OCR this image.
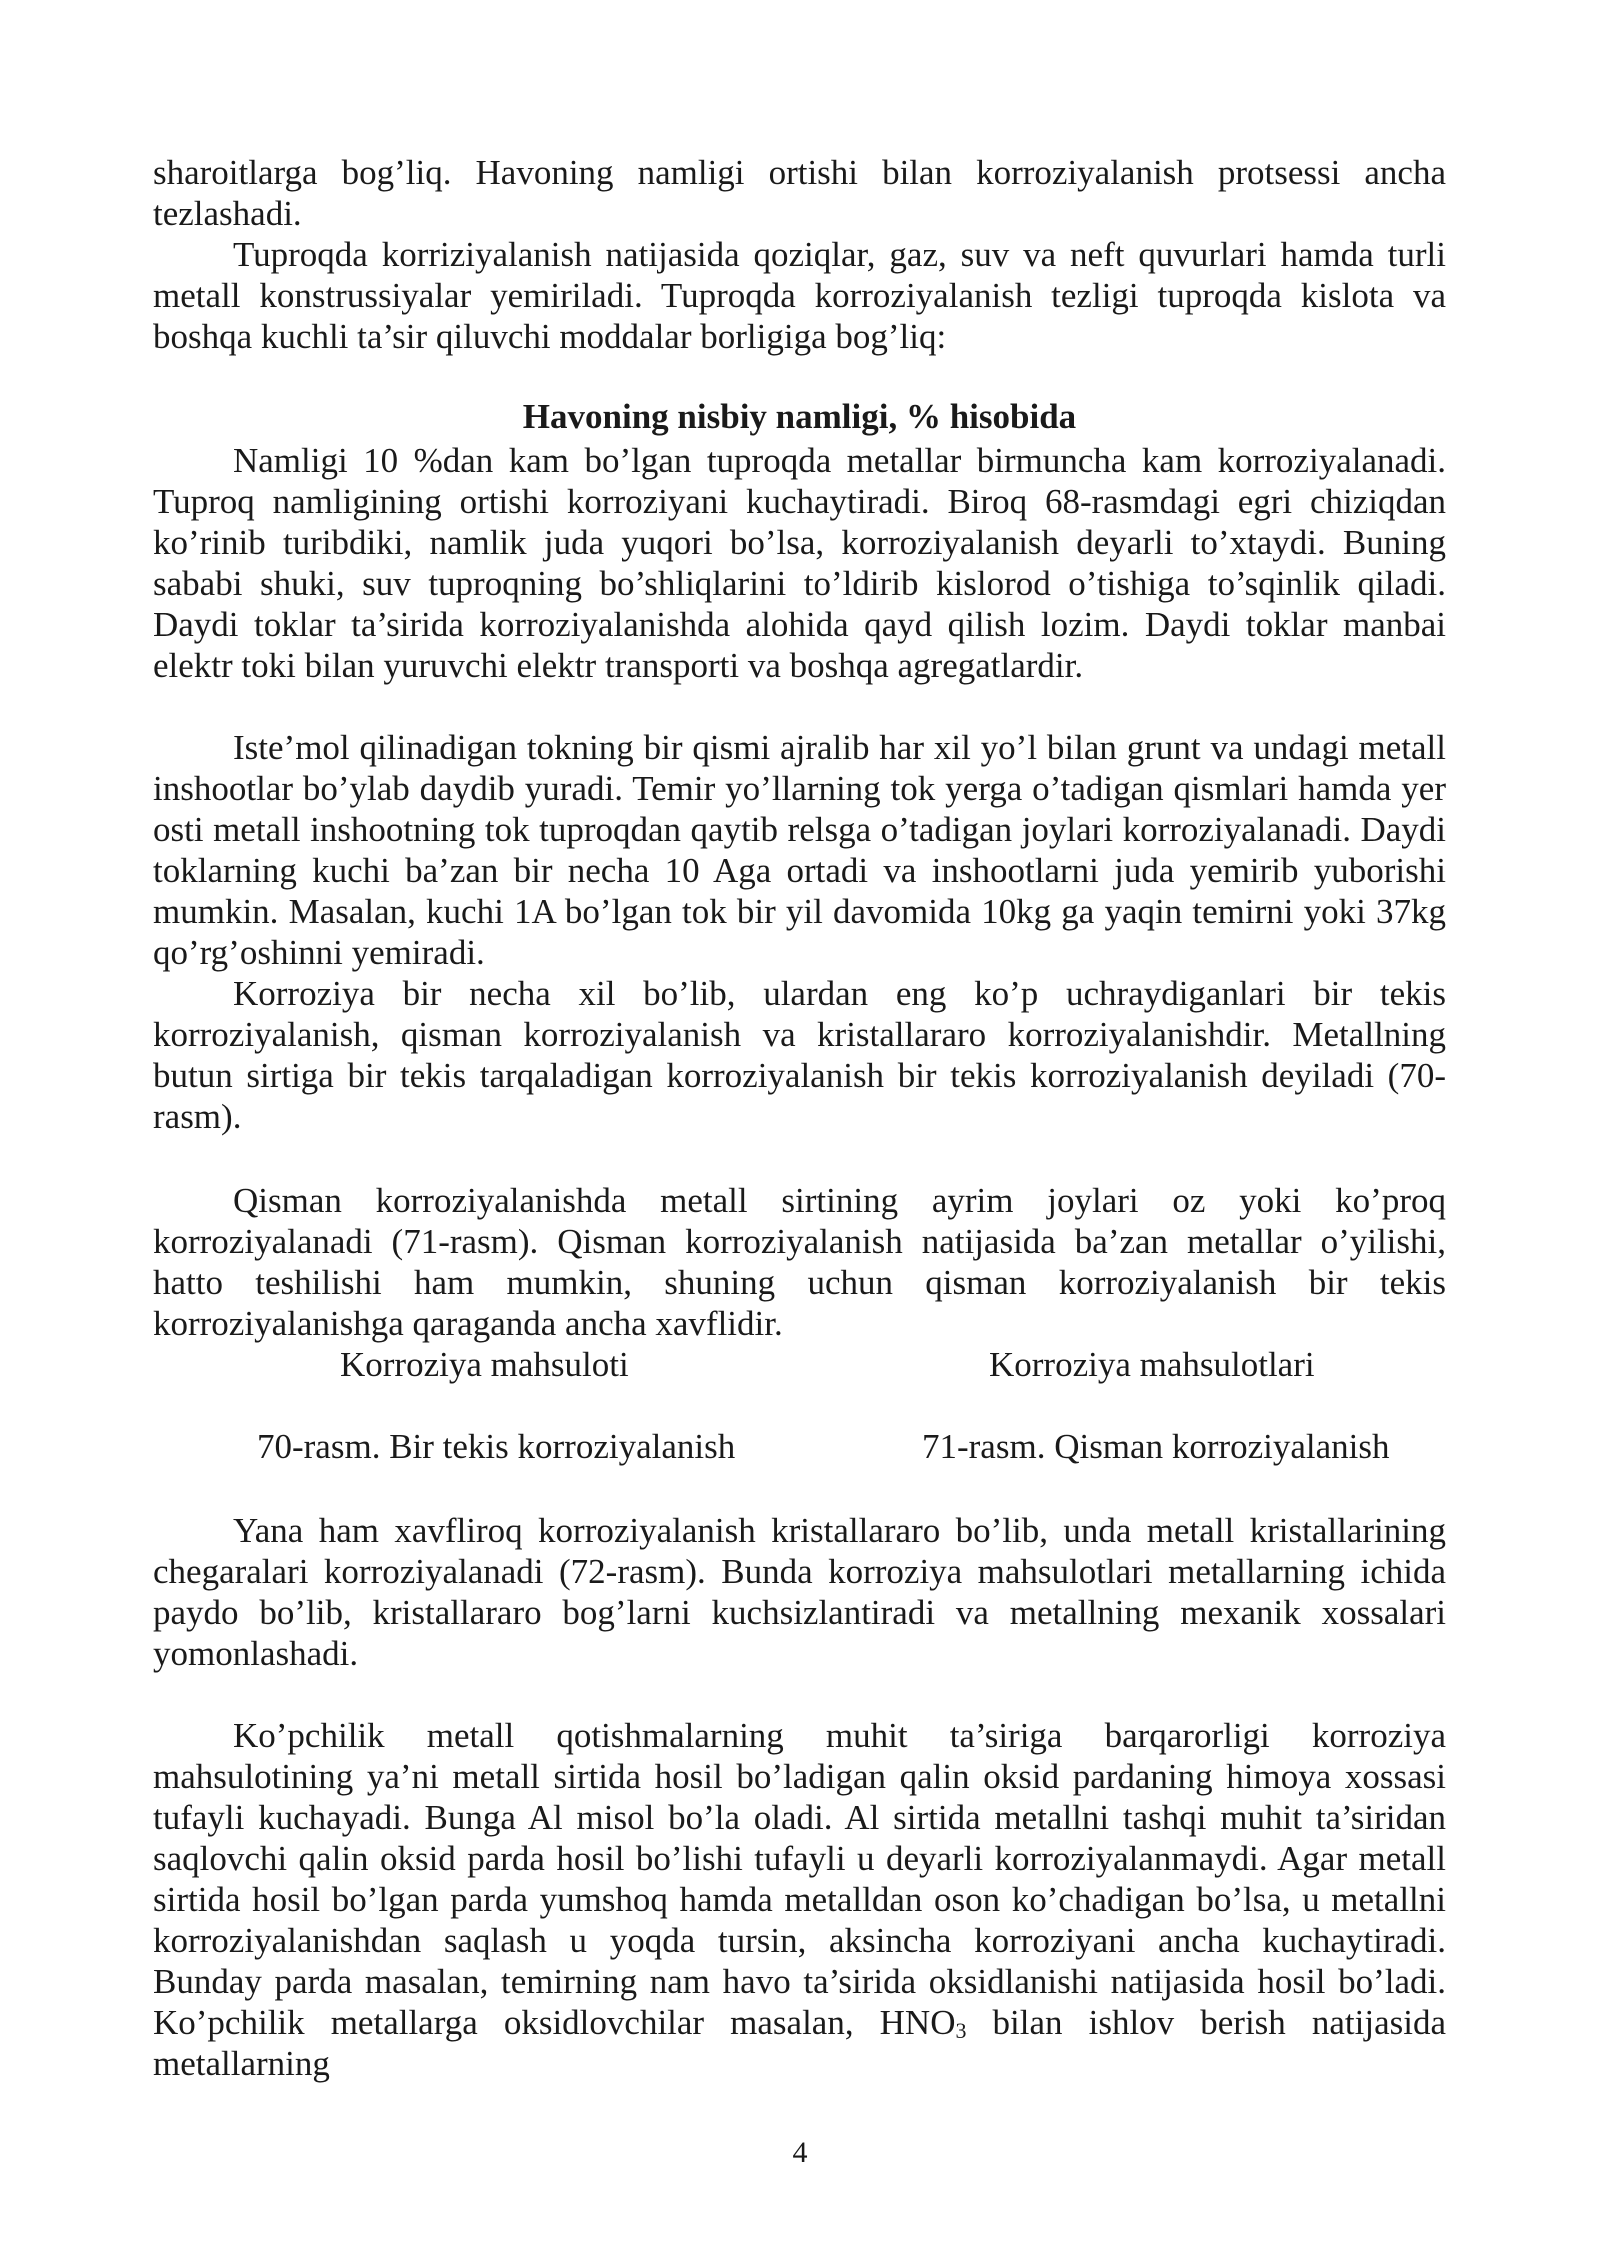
sharoitlarga bog’liq. Havoning namligi ortishi bilan korroziyalanish protsessi ancha tezlashadi.

Tuproqda korriziyalanish natijasida qoziqlar, gaz, suv va neft quvurlari hamda turli metall konstrussiyalar yemiriladi. Tuproqda korroziyalanish tezligi tuproqda kislota va boshqa kuchli ta’sir qiluvchi moddalar borligiga bog’liq:

Havoning nisbiy namligi, % hisobida

Namligi 10 %dan kam bo’lgan tuproqda metallar birmuncha kam korroziyalanadi. Tuproq namligining ortishi korroziyani kuchaytiradi. Biroq 68-rasmdagi egri chiziqdan ko’rinib turibdiki, namlik juda yuqori bo’lsa, korroziyalanish deyarli to’xtaydi. Buning sababi shuki, suv tuproqning bo’shliqlarini to’ldirib kislorod o’tishiga to’sqinlik qiladi. Daydi toklar ta’sirida korroziyalanishda alohida qayd qilish lozim. Daydi toklar manbai elektr toki bilan yuruvchi elektr transporti va boshqa agregatlardir.

Iste’mol qilinadigan tokning bir qismi ajralib har xil yo’l bilan grunt va undagi metall inshootlar bo’ylab daydib yuradi. Temir yo’llarning tok yerga o’tadigan qismlari hamda yer osti metall inshootning tok tuproqdan qaytib relsga o’tadigan joylari korroziyalanadi. Daydi toklarning kuchi ba’zan bir necha 10 Aga ortadi va inshootlarni juda yemirib yuborishi mumkin. Masalan, kuchi 1A bo’lgan tok bir yil davomida 10kg ga yaqin temirni yoki 37kg qo’rg’oshinni yemiradi.

Korroziya bir necha xil bo’lib, ulardan eng ko’p uchraydiganlari bir tekis korroziyalanish, qisman korroziyalanish va kristallararo korroziyalanishdir. Metallning butun sirtiga bir tekis tarqaladigan korroziyalanish bir tekis korroziyalanish deyiladi (70-rasm).

Qisman korroziyalanishda metall sirtining ayrim joylari oz yoki ko’proq korroziyalanadi (71-rasm). Qisman korroziyalanish natijasida ba’zan metallar o’yilishi, hatto teshilishi ham mumkin, shuning uchun qisman korroziyalanish bir tekis korroziyalanishga qaraganda ancha xavflidir.

Korroziya mahsuloti	Korroziya mahsulotlari

70-rasm. Bir tekis korroziyalanish	71-rasm. Qisman korroziyalanish

Yana ham xavfliroq korroziyalanish kristallararo bo’lib, unda metall kristallarining chegaralari korroziyalanadi (72-rasm). Bunda korroziya mahsulotlari metallarning ichida paydo bo’lib, kristallararo bog’larni kuchsizlantiradi va metallning mexanik xossalari yomonlashadi.

Ko’pchilik metall qotishmalarning muhit ta’siriga barqarorligi korroziya mahsulotining ya’ni metall sirtida hosil bo’ladigan qalin oksid pardaning himoya xossasi tufayli kuchayadi. Bunga Al misol bo’la oladi. Al sirtida metallni tashqi muhit ta’siridan saqlovchi qalin oksid parda hosil bo’lishi tufayli u deyarli korroziyalanmaydi. Agar metall sirtida hosil bo’lgan parda yumshoq hamda metalldan oson ko’chadigan bo’lsa, u metallni korroziyalanishdan saqlash u yoqda tursin, aksincha korroziyani ancha kuchaytiradi. Bunday parda masalan, temirning nam havo ta’sirida oksidlanishi natijasida hosil bo’ladi. Ko’pchilik metallarga oksidlovchilar masalan, $HNO_3$ bilan ishlov berish natijasida metallarning

4
